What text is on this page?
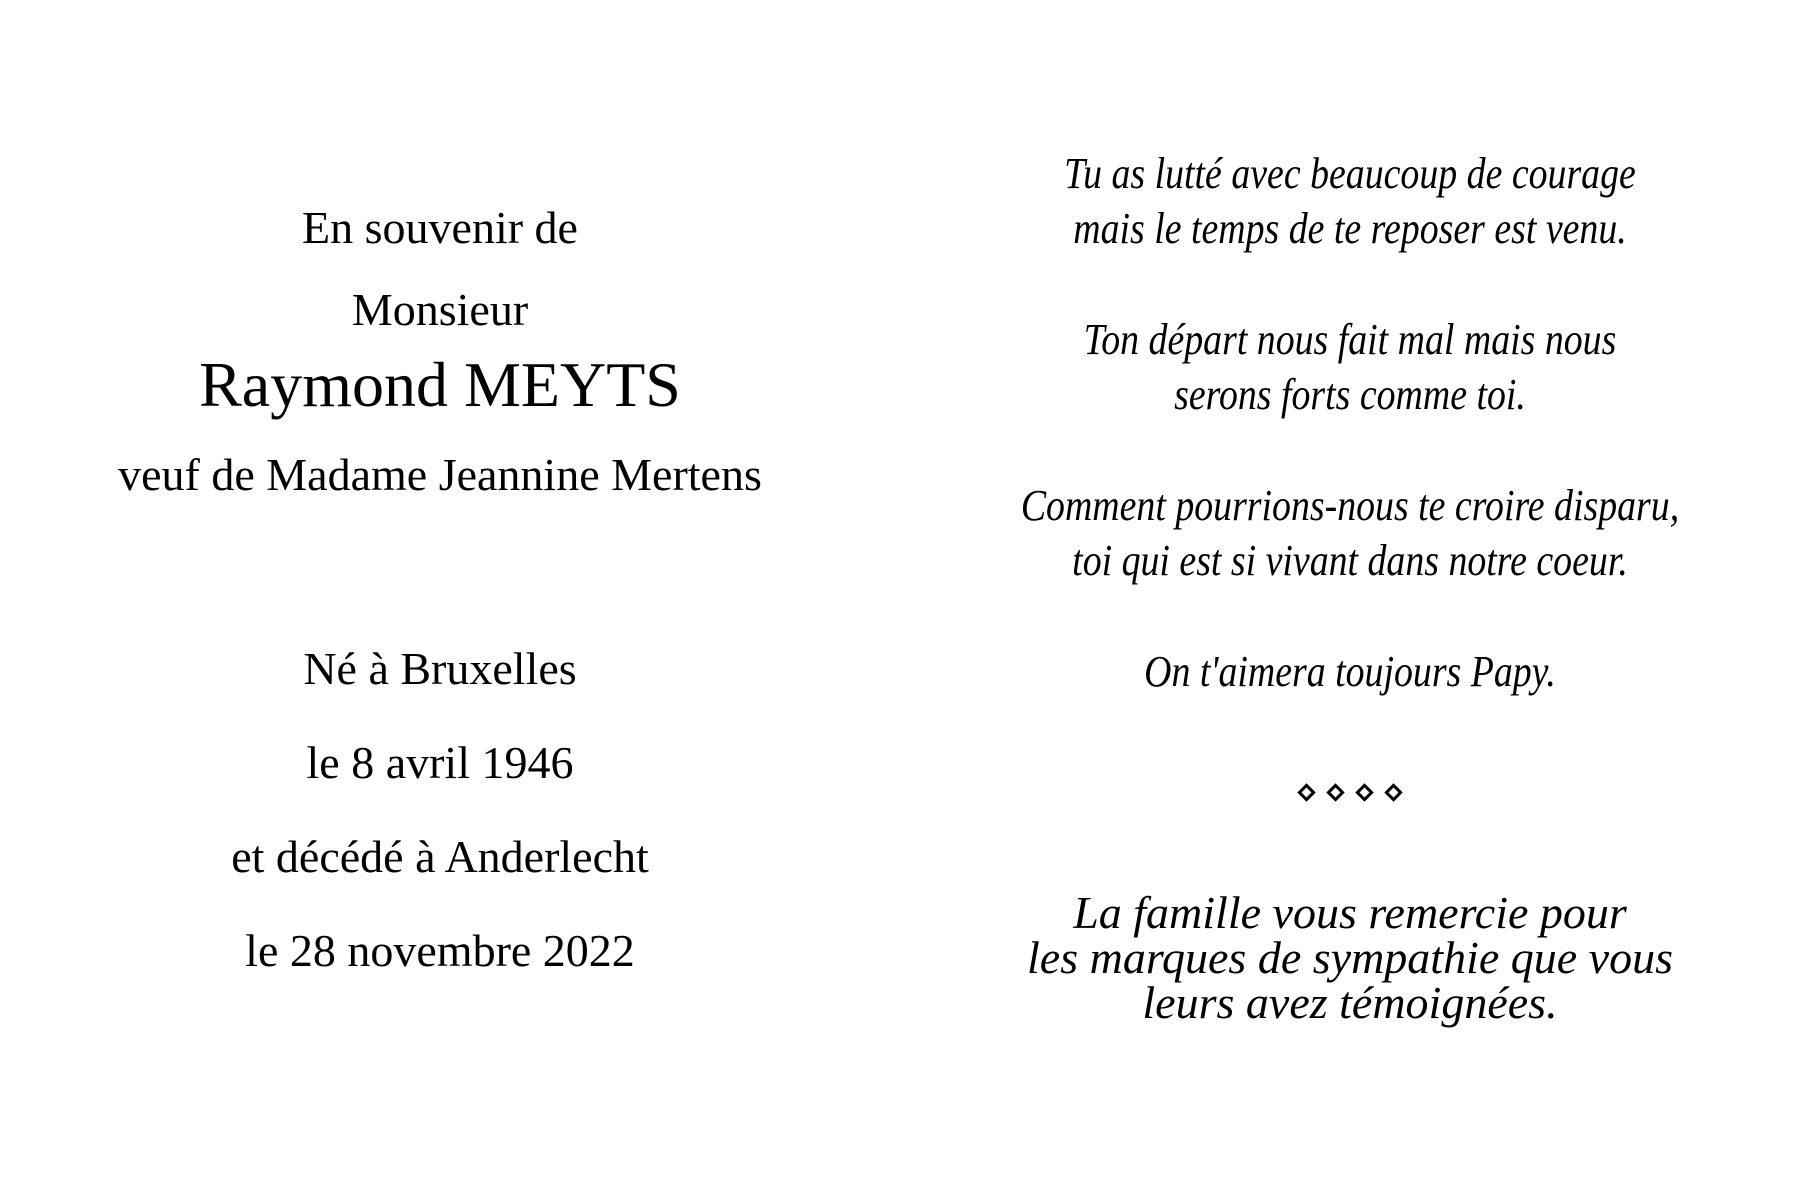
En souvenir de
Monsieur
Raymond MEYTS
veuf de Madame Jeannine Mertens
Né à Bruxelles
le 8 avril 1946
et décédé à Anderlecht
le 28 novembre 2022
Tu as lutté avec beaucoup de courage
mais le temps de te reposer est venu.
Ton départ nous fait mal mais nous
serons forts comme toi.
Comment pourrions-nous te croire disparu,
toi qui est si vivant dans notre coeur.
On t'aimera toujours Papy.
La famille vous remercie pour
les marques de sympathie que vous
leurs avez témoignées.
